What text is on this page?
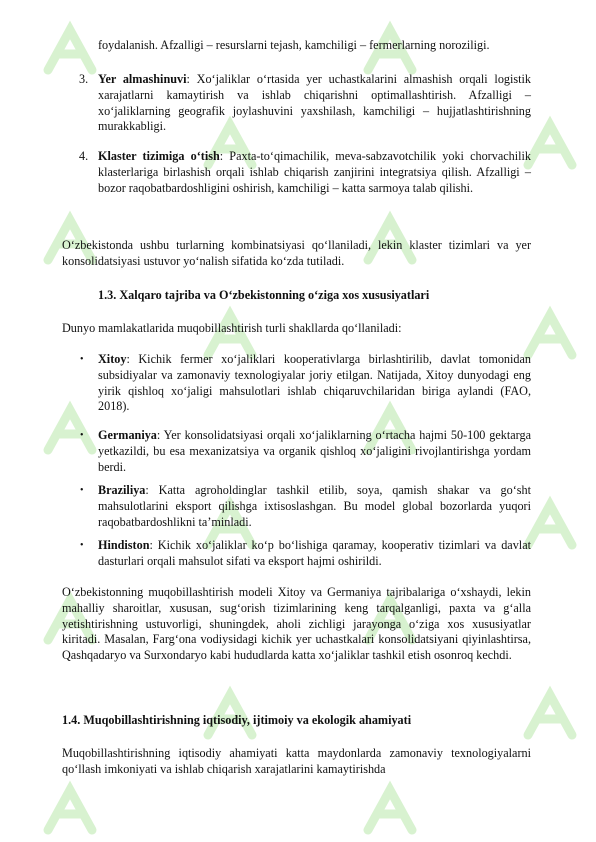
foydalanish. Afzalligi – resurslarni tejash, kamchiligi – fermerlarning noroziligi.

3. Yer almashinuvi: Xo‘jaliklar o‘rtasida yer uchastkalarini almashish orqali logistik xarajatlarni kamaytirish va ishlab chiqarishni optimallashtirish. Afzalligi – xo‘jaliklarning geografik joylashuvini yaxshilash, kamchiligi – hujjatlashtirishning murakkabligi.

4. Klaster tizimiga o‘tish: Paxta-to‘qimachilik, meva-sabzavotchilik yoki chorvachilik klasterlariga birlashish orqali ishlab chiqarish zanjirini integratsiya qilish. Afzalligi – bozor raqobatbardoshligini oshirish, kamchiligi – katta sarmoya talab qilishi.

O‘zbekistonda ushbu turlarning kombinatsiyasi qo‘llaniladi, lekin klaster tizimlari va yer konsolidatsiyasi ustuvor yo‘nalish sifatida ko‘zda tutiladi.

1.3. Xalqaro tajriba va O‘zbekistonning o‘ziga xos xususiyatlari

Dunyo mamlakatlarida muqobillashtirish turli shakllarda qo‘llaniladi:

• Xitoy: Kichik fermer xo‘jaliklari kooperativlarga birlashtirilib, davlat tomonidan subsidiyalar va zamonaviy texnologiyalar joriy etilgan. Natijada, Xitoy dunyodagi eng yirik qishloq xo‘jaligi mahsulotlari ishlab chiqaruvchilaridan biriga aylandi (FAO, 2018).

• Germaniya: Yer konsolidatsiyasi orqali xo‘jaliklarning o‘rtacha hajmi 50-100 gektarga yetkazildi, bu esa mexanizatsiya va organik qishloq xo‘jaligini rivojlantirishga yordam berdi.

• Braziliya: Katta agroholdinglar tashkil etilib, soya, qamish shakar va go‘sht mahsulotlarini eksport qilishga ixtisoslashgan. Bu model global bozorlarda yuqori raqobatbardoshlikni ta’minladi.

• Hindiston: Kichik xo‘jaliklar ko‘p bo‘lishiga qaramay, kooperativ tizimlari va davlat dasturlari orqali mahsulot sifati va eksport hajmi oshirildi.

O‘zbekistonning muqobillashtirish modeli Xitoy va Germaniya tajribalariga o‘xshaydi, lekin mahalliy sharoitlar, xususan, sug‘orish tizimlarining keng tarqalganligi, paxta va g‘alla yetishtirishning ustuvorligi, shuningdek, aholi zichligi jarayonga o‘ziga xos xususiyatlar kiritadi. Masalan, Farg‘ona vodiysidagi kichik yer uchastkalari konsolidatsiyani qiyinlashtirsa, Qashqadaryo va Surxondaryo kabi hududlarda katta xo‘jaliklar tashkil etish osonroq kechdi.

1.4. Muqobillashtirishning iqtisodiy, ijtimoiy va ekologik ahamiyati

Muqobillashtirishning iqtisodiy ahamiyati katta maydonlarda zamonaviy texnologiyalarni qo‘llash imkoniyati va ishlab chiqarish xarajatlarini kamaytirishda
